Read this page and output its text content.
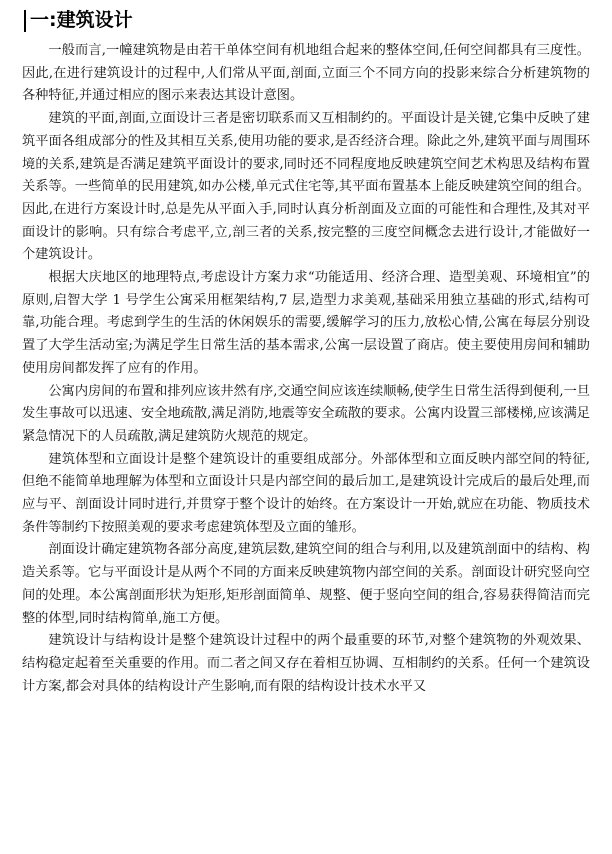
一:建筑设计

一般而言,一幢建筑物是由若干单体空间有机地组合起来的整体空间,任何空间都具有三度性。因此,在进行建筑设计的过程中,人们常从平面,剖面,立面三个不同方向的投影来综合分析建筑物的各种特征,并通过相应的图示来表达其设计意图。

建筑的平面,剖面,立面设计三者是密切联系而又互相制约的。平面设计是关键,它集中反映了建筑平面各组成部分的性及其相互关系,使用功能的要求,是否经济合理。除此之外,建筑平面与周围环境的关系,建筑是否满足建筑平面设计的要求,同时还不同程度地反映建筑空间艺术构思及结构布置关系等。一些简单的民用建筑,如办公楼,单元式住宅等,其平面布置基本上能反映建筑空间的组合。因此,在进行方案设计时,总是先从平面入手,同时认真分析剖面及立面的可能性和合理性,及其对平面设计的影响。只有综合考虑平,立,剖三者的关系,按完整的三度空间概念去进行设计,才能做好一个建筑设计。

根据大庆地区的地理特点,考虑设计方案力求“功能适用、经济合理、造型美观、环境相宜”的原则,启智大学 1 号学生公寓采用框架结构,7 层,造型力求美观,基础采用独立基础的形式,结构可靠,功能合理。考虑到学生的生活的休闲娱乐的需要,缓解学习的压力,放松心情,公寓在每层分别设置了大学生活动室;为满足学生日常生活的基本需求,公寓一层设置了商店。使主要使用房间和辅助使用房间都发挥了应有的作用。

公寓内房间的布置和排列应该井然有序,交通空间应该连续顺畅,使学生日常生活得到便利,一旦发生事故可以迅速、安全地疏散,满足消防,地震等安全疏散的要求。公寓内设置三部楼梯,应该满足紧急情况下的人员疏散,满足建筑防火规范的规定。

建筑体型和立面设计是整个建筑设计的重要组成部分。外部体型和立面反映内部空间的特征,但绝不能简单地理解为体型和立面设计只是内部空间的最后加工,是建筑设计完成后的最后处理,而应与平、剖面设计同时进行,并贯穿于整个设计的始终。在方案设计一开始,就应在功能、物质技术条件等制约下按照美观的要求考虑建筑体型及立面的雏形。

剖面设计确定建筑物各部分高度,建筑层数,建筑空间的组合与利用,以及建筑剖面中的结构、构造关系等。它与平面设计是从两个不同的方面来反映建筑物内部空间的关系。剖面设计研究竖向空间的处理。本公寓剖面形状为矩形,矩形剖面简单、规整、便于竖向空间的组合,容易获得简洁而完整的体型,同时结构简单,施工方便。

建筑设计与结构设计是整个建筑设计过程中的两个最重要的环节,对整个建筑物的外观效果、结构稳定起着至关重要的作用。而二者之间又存在着相互协调、互相制约的关系。任何一个建筑设计方案,都会对具体的结构设计产生影响,而有限的结构设计技术水平又
